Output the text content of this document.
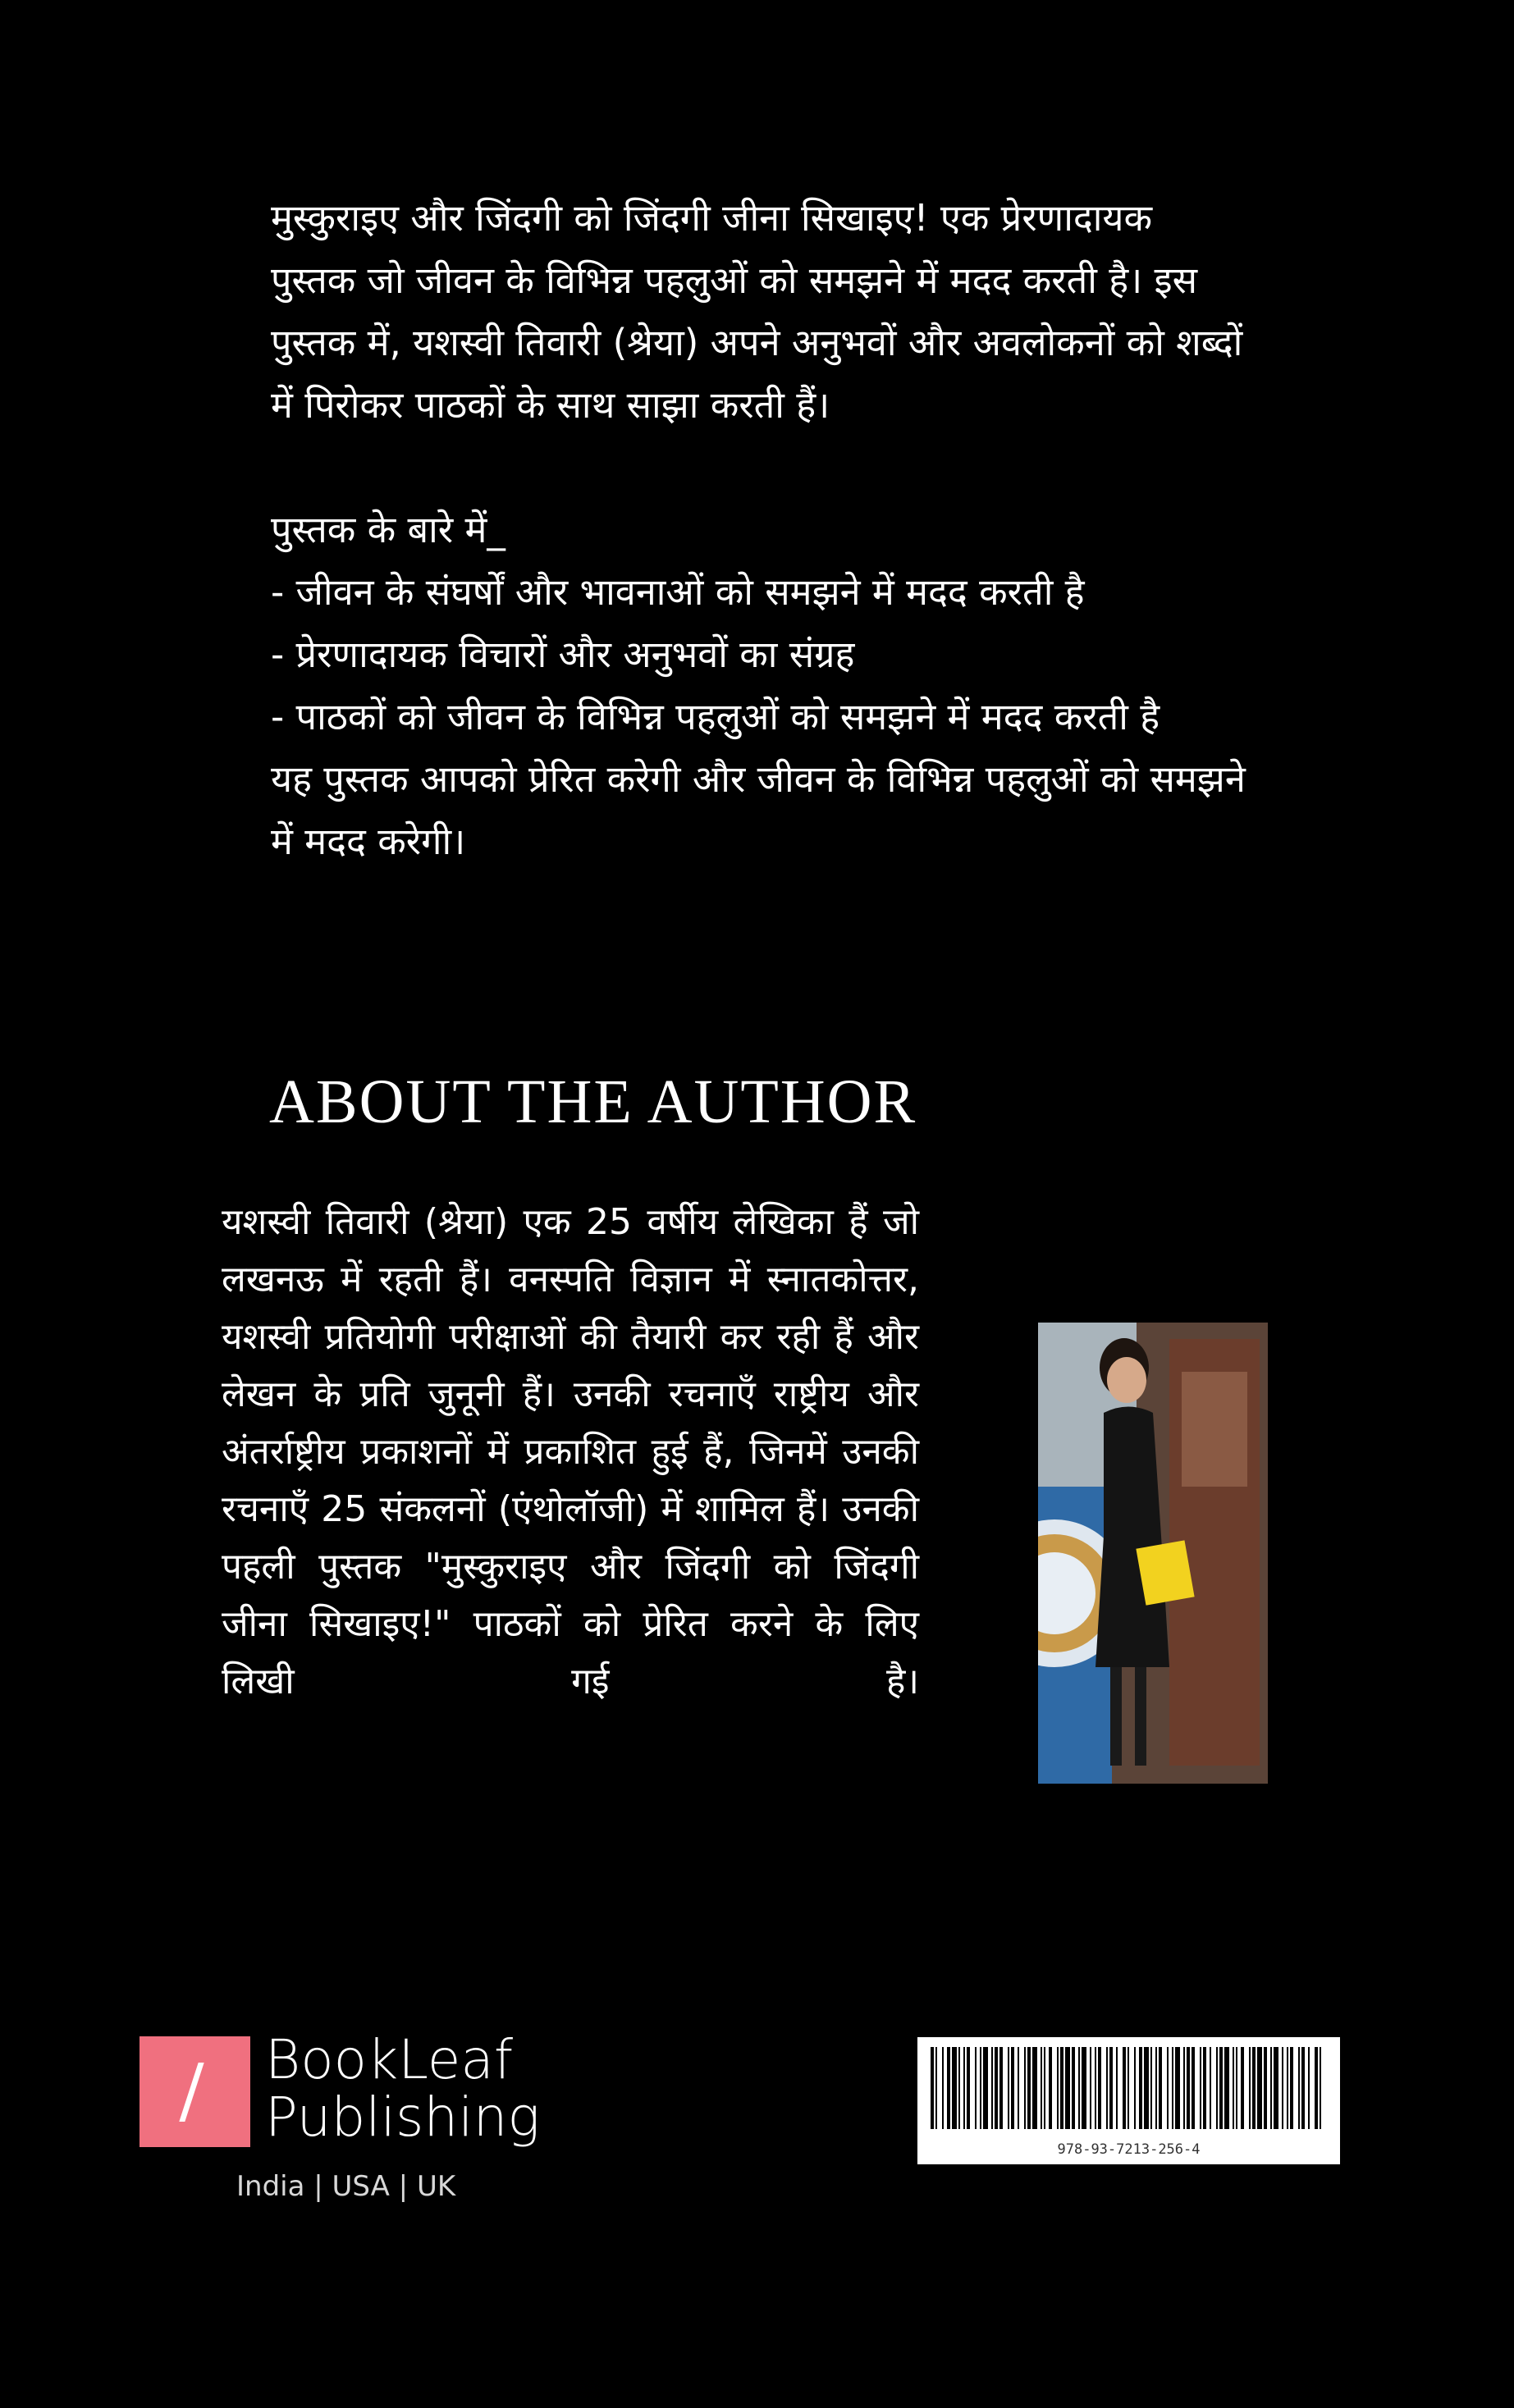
मुस्कुराइए और जिंदगी को जिंदगी जीना सिखाइए! एक प्रेरणादायक पुस्तक जो जीवन के विभिन्न पहलुओं को समझने में मदद करती है। इस पुस्तक में, यशस्वी तिवारी (श्रेया) अपने अनुभवों और अवलोकनों को शब्दों में पिरोकर पाठकों के साथ साझा करती हैं।

पुस्तक के बारे में_

- जीवन के संघर्षों और भावनाओं को समझने में मदद करती है

- प्रेरणादायक विचारों और अनुभवों का संग्रह

- पाठकों को जीवन के विभिन्न पहलुओं को समझने में मदद करती है

यह पुस्तक आपको प्रेरित करेगी और जीवन के विभिन्न पहलुओं को समझने में मदद करेगी।

ABOUT THE AUTHOR

यशस्वी तिवारी (श्रेया) एक 25 वर्षीय लेखिका हैं जो लखनऊ में रहती हैं। वनस्पति विज्ञान में स्नातकोत्तर, यशस्वी प्रतियोगी परीक्षाओं की तैयारी कर रही हैं और लेखन के प्रति जुनूनी हैं। उनकी रचनाएँ राष्ट्रीय और अंतर्राष्ट्रीय प्रकाशनों में प्रकाशित हुई हैं, जिनमें उनकी रचनाएँ 25 संकलनों (एंथोलॉजी) में शामिल हैं। उनकी पहली पुस्तक "मुस्कुराइए और जिंदगी को जिंदगी जीना सिखाइए!" पाठकों को प्रेरित करने के लिए लिखी गई है।

BookLeaf
Publishing
India | USA | UK
978-93-7213-256-4
